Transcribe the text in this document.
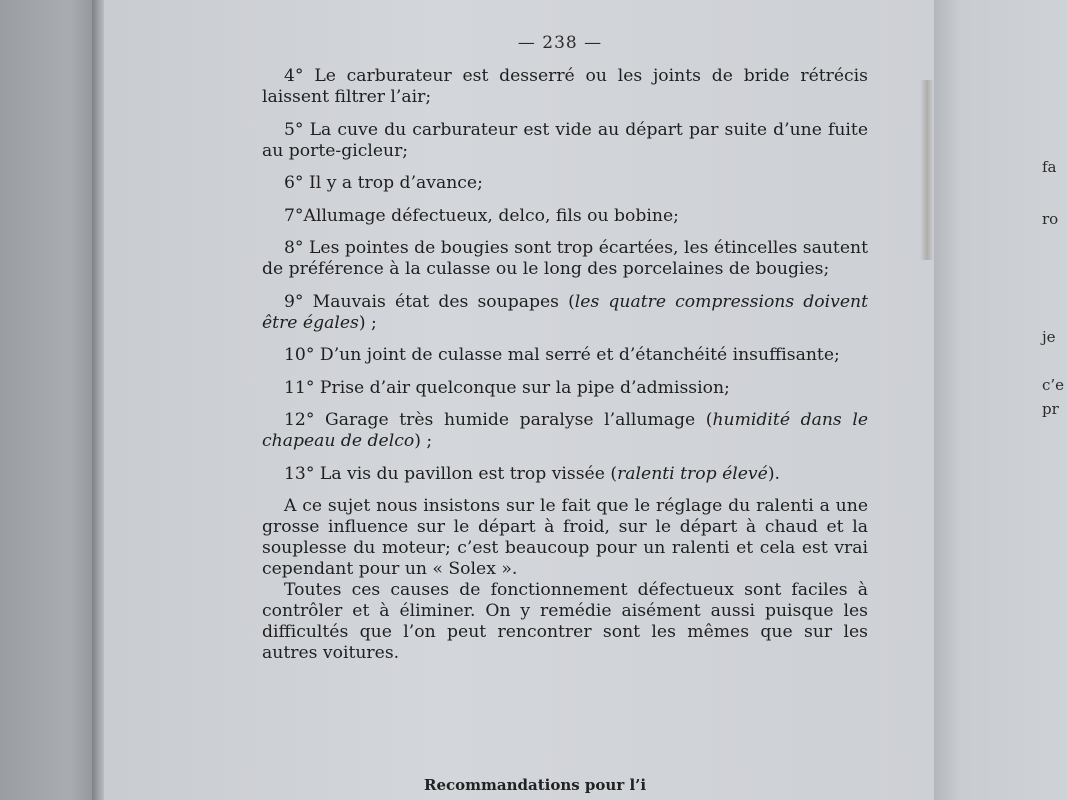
fa
ro
je
c’e
pr
— 238 —

4° Le carburateur est desserré ou les joints de bride rétrécis laissent filtrer l’air;

5° La cuve du carburateur est vide au départ par suite d’une fuite au porte-gicleur;

6° Il y a trop d’avance;

7°Allumage défectueux, delco, fils ou bobine;

8° Les pointes de bougies sont trop écartées, les étincelles sautent de préférence à la culasse ou le long des porcelaines de bougies;

9° Mauvais état des soupapes (les quatre compressions doivent être égales) ;

10° D’un joint de culasse mal serré et d’étanchéité insuffisante;

11° Prise d’air quelconque sur la pipe d’admission;

12° Garage très humide paralyse l’allumage (humidité dans le chapeau de delco) ;

13° La vis du pavillon est trop vissée (ralenti trop élevé).

A ce sujet nous insistons sur le fait que le réglage du ralenti a une grosse influence sur le départ à froid, sur le départ à chaud et la souplesse du moteur; c’est beaucoup pour un ralenti et cela est vrai cependant pour un « Solex ».

Toutes ces causes de fonctionnement défectueux sont faciles à contrôler et à éliminer. On y remédie aisément aussi puisque les difficultés que l’on peut rencontrer sont les mêmes que sur les autres voitures.

Recommandations pour l’i
